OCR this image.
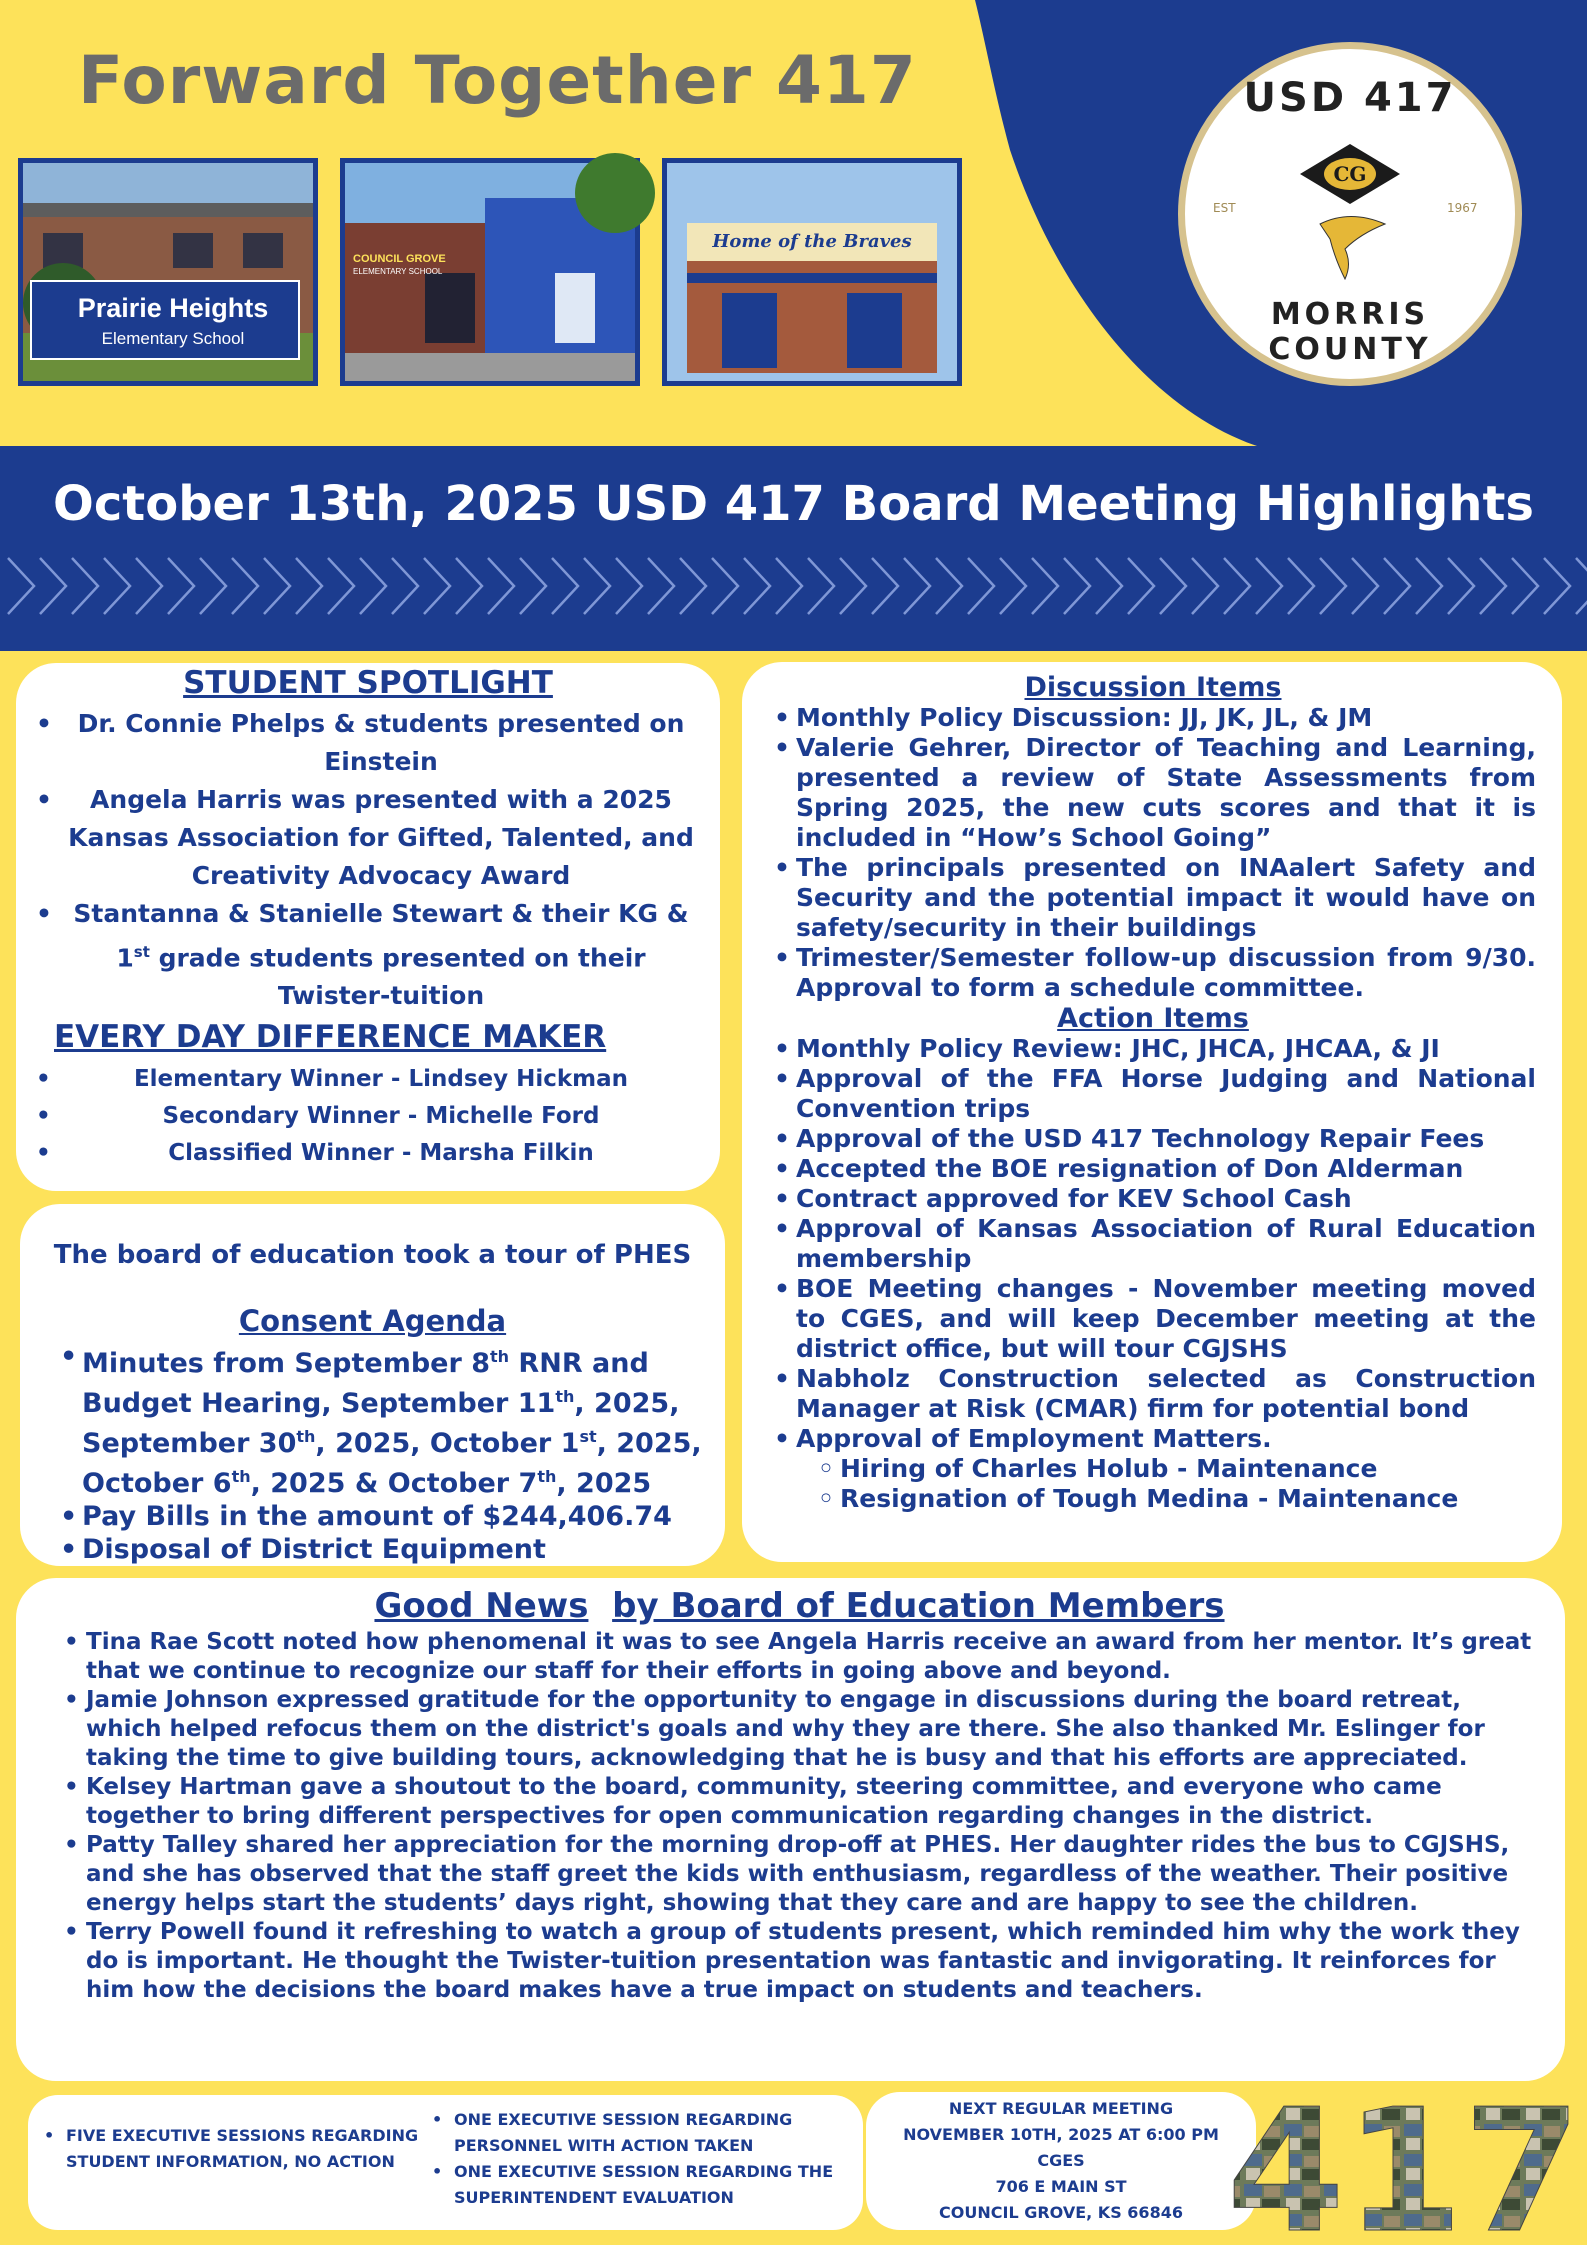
Forward Together 417
Prairie Heights
Elementary School
COUNCIL GROVE
ELEMENTARY SCHOOL
Home of the Braves
USD 417
MORRIS COUNTY
EST	1967
CG
October 13th, 2025 USD 417 Board Meeting Highlights
STUDENT SPOTLIGHT
• Dr. Connie Phelps & students presented on Einstein
• Angela Harris was presented with a 2025 Kansas Association for Gifted, Talented, and Creativity Advocacy Award
• Stantanna & Stanielle Stewart & their KG &
1st grade students presented on their
Twister-tuition
EVERY DAY DIFFERENCE MAKER
• Elementary Winner - Lindsey Hickman
• Secondary Winner - Michelle Ford
• Classified Winner - Marsha Filkin
The board of education took a tour of PHES
Consent Agenda
• Minutes from September 8th RNR and Budget Hearing, September 11th, 2025, September 30th, 2025, October 1st, 2025, October 6th, 2025 & October 7th, 2025
• Pay Bills in the amount of $244,406.74
• Disposal of District Equipment
Discussion Items
• Monthly Policy Discussion: JJ, JK, JL, & JM
• Valerie Gehrer, Director of Teaching and Learning, presented a review of State Assessments from Spring 2025, the new cuts scores and that it is included in “How’s School Going”
• The principals presented on INAalert Safety and Security and the potential impact it would have on safety/security in their buildings
• Trimester/Semester follow-up discussion from 9/30. Approval to form a schedule committee.
Action Items
• Monthly Policy Review: JHC, JHCA, JHCAA, & JI
• Approval of the FFA Horse Judging and National Convention trips
• Approval of the USD 417 Technology Repair Fees
• Accepted the BOE resignation of Don Alderman
• Contract approved for KEV School Cash
• Approval of Kansas Association of Rural Education membership
• BOE Meeting changes - November meeting moved to CGES, and will keep December meeting at the district office, but will tour CGJSHS
• Nabholz Construction selected as Construction Manager at Risk (CMAR) firm for potential bond
• Approval of Employment Matters.
◦ Hiring of Charles Holub - Maintenance
◦ Resignation of Tough Medina - Maintenance
Good News by Board of Education Members
• Tina Rae Scott noted how phenomenal it was to see Angela Harris receive an award from her mentor. It’s great that we continue to recognize our staff for their efforts in going above and beyond.
• Jamie Johnson expressed gratitude for the opportunity to engage in discussions during the board retreat, which helped refocus them on the district's goals and why they are there. She also thanked Mr. Eslinger for taking the time to give building tours, acknowledging that he is busy and that his efforts are appreciated.
• Kelsey Hartman gave a shoutout to the board, community, steering committee, and everyone who came together to bring different perspectives for open communication regarding changes in the district.
• Patty Talley shared her appreciation for the morning drop-off at PHES. Her daughter rides the bus to CGJSHS, and she has observed that the staff greet the kids with enthusiasm, regardless of the weather. Their positive energy helps start the students’ days right, showing that they care and are happy to see the children.
• Terry Powell found it refreshing to watch a group of students present, which reminded him why the work they do is important. He thought the Twister-tuition presentation was fantastic and invigorating. It reinforces for him how the decisions the board makes have a true impact on students and teachers.
• FIVE EXECUTIVE SESSIONS REGARDING STUDENT INFORMATION, NO ACTION
• ONE EXECUTIVE SESSION REGARDING PERSONNEL WITH ACTION TAKEN
• ONE EXECUTIVE SESSION REGARDING THE SUPERINTENDENT EVALUATION
NEXT REGULAR MEETING
NOVEMBER 10TH, 2025 AT 6:00 PM
CGES
706 E MAIN ST
COUNCIL GROVE, KS 66846 417
